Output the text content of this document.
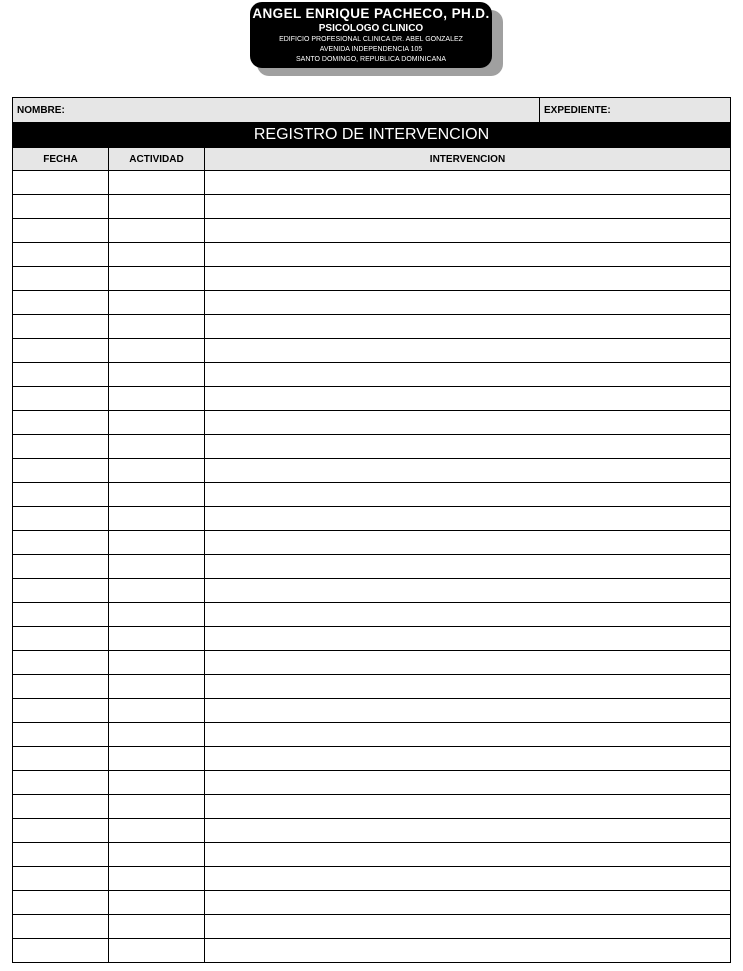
ANGEL ENRIQUE PACHECO, PH.D.
PSICOLOGO CLINICO
EDIFICIO PROFESIONAL CLINICA DR. ABEL GONZALEZ
AVENIDA INDEPENDENCIA 105
SANTO DOMINGO, REPUBLICA DOMINICANA
NOMBRE:			EXPEDIENTE:
REGISTRO DE INTERVENCION			
FECHA	ACTIVIDAD	INTERVENCION	
